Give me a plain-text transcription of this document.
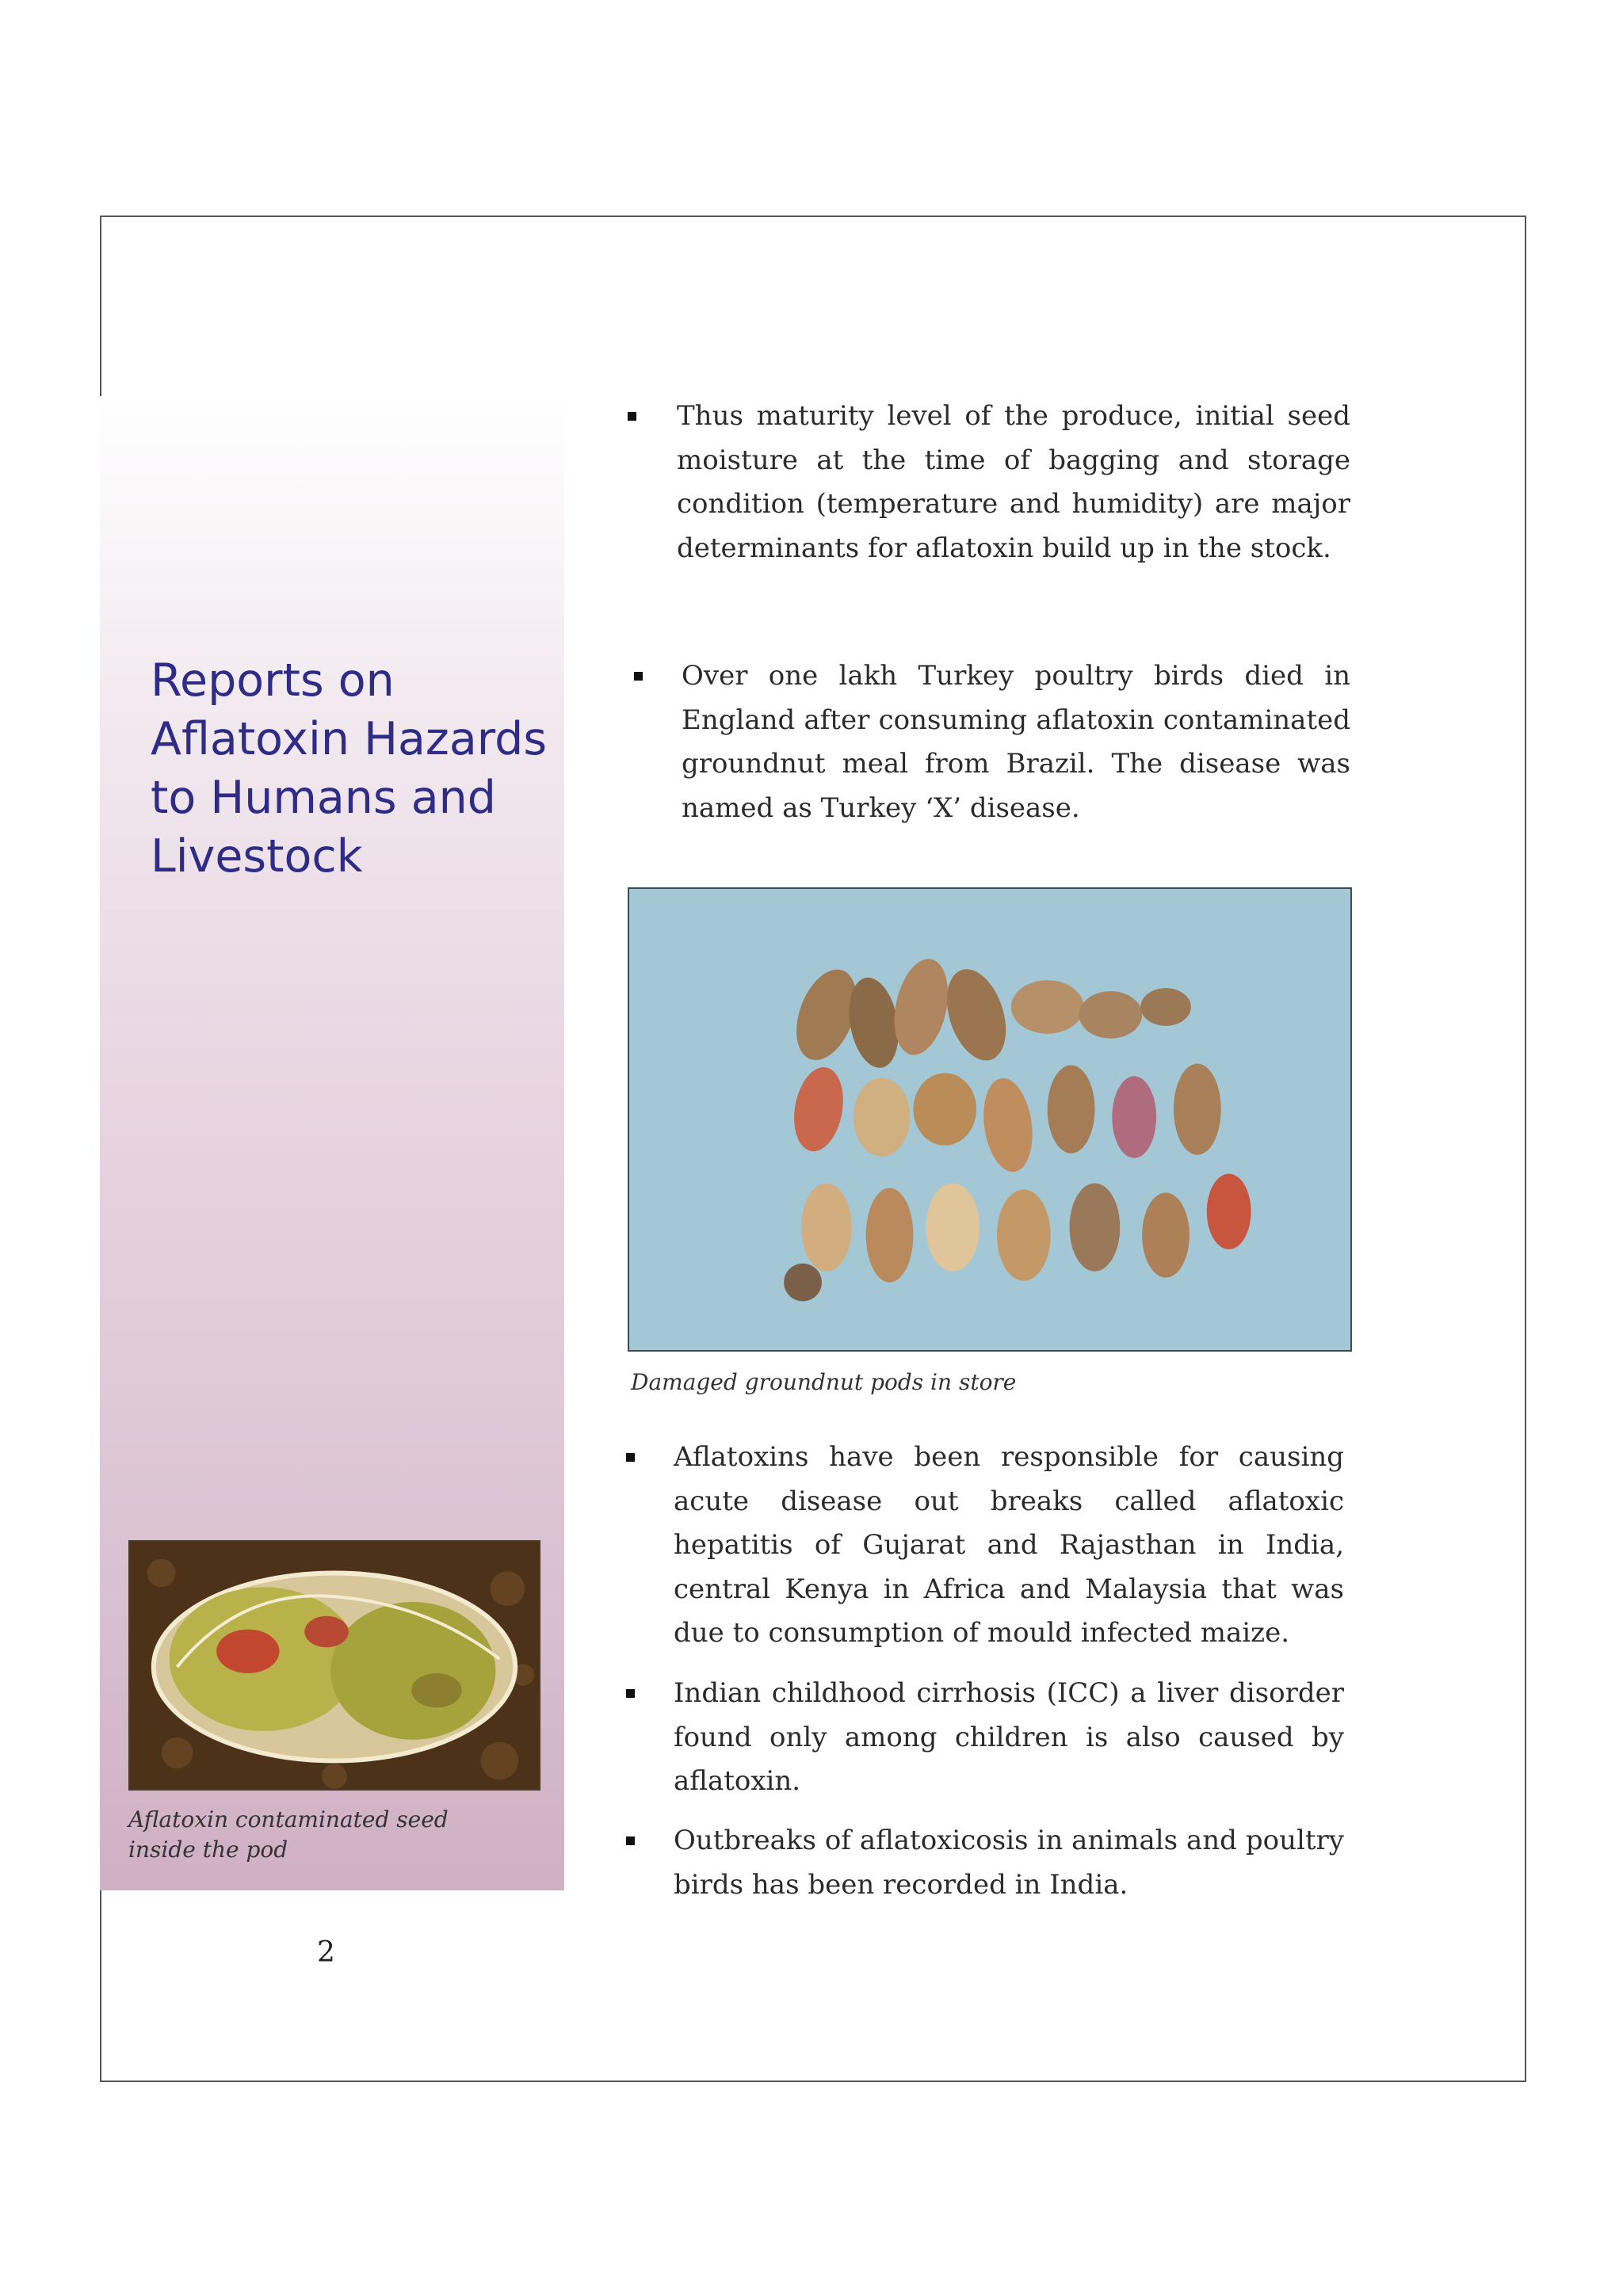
Reports on
Aflatoxin Hazards
to Humans and
Livestock

Aflatoxin contaminated seed inside the pod

2

Thus maturity level of the produce, initial seed moisture at the time of bagging and storage condition (temperature and humidity) are major determinants for aflatoxin build up in the stock.

Over one lakh Turkey poultry birds died in England after consuming aflatoxin contaminated groundnut meal from Brazil. The disease was named as Turkey ‘X’ disease.

Damaged groundnut pods in store

Aflatoxins have been responsible for causing acute disease out breaks called aflatoxic hepatitis of Gujarat and Rajasthan in India, central Kenya in Africa and Malaysia that was due to consumption of mould infected maize.

Indian childhood cirrhosis (ICC) a liver disorder found only among children is also caused by aflatoxin.

Outbreaks of aflatoxicosis in animals and poultry birds has been recorded in India.
